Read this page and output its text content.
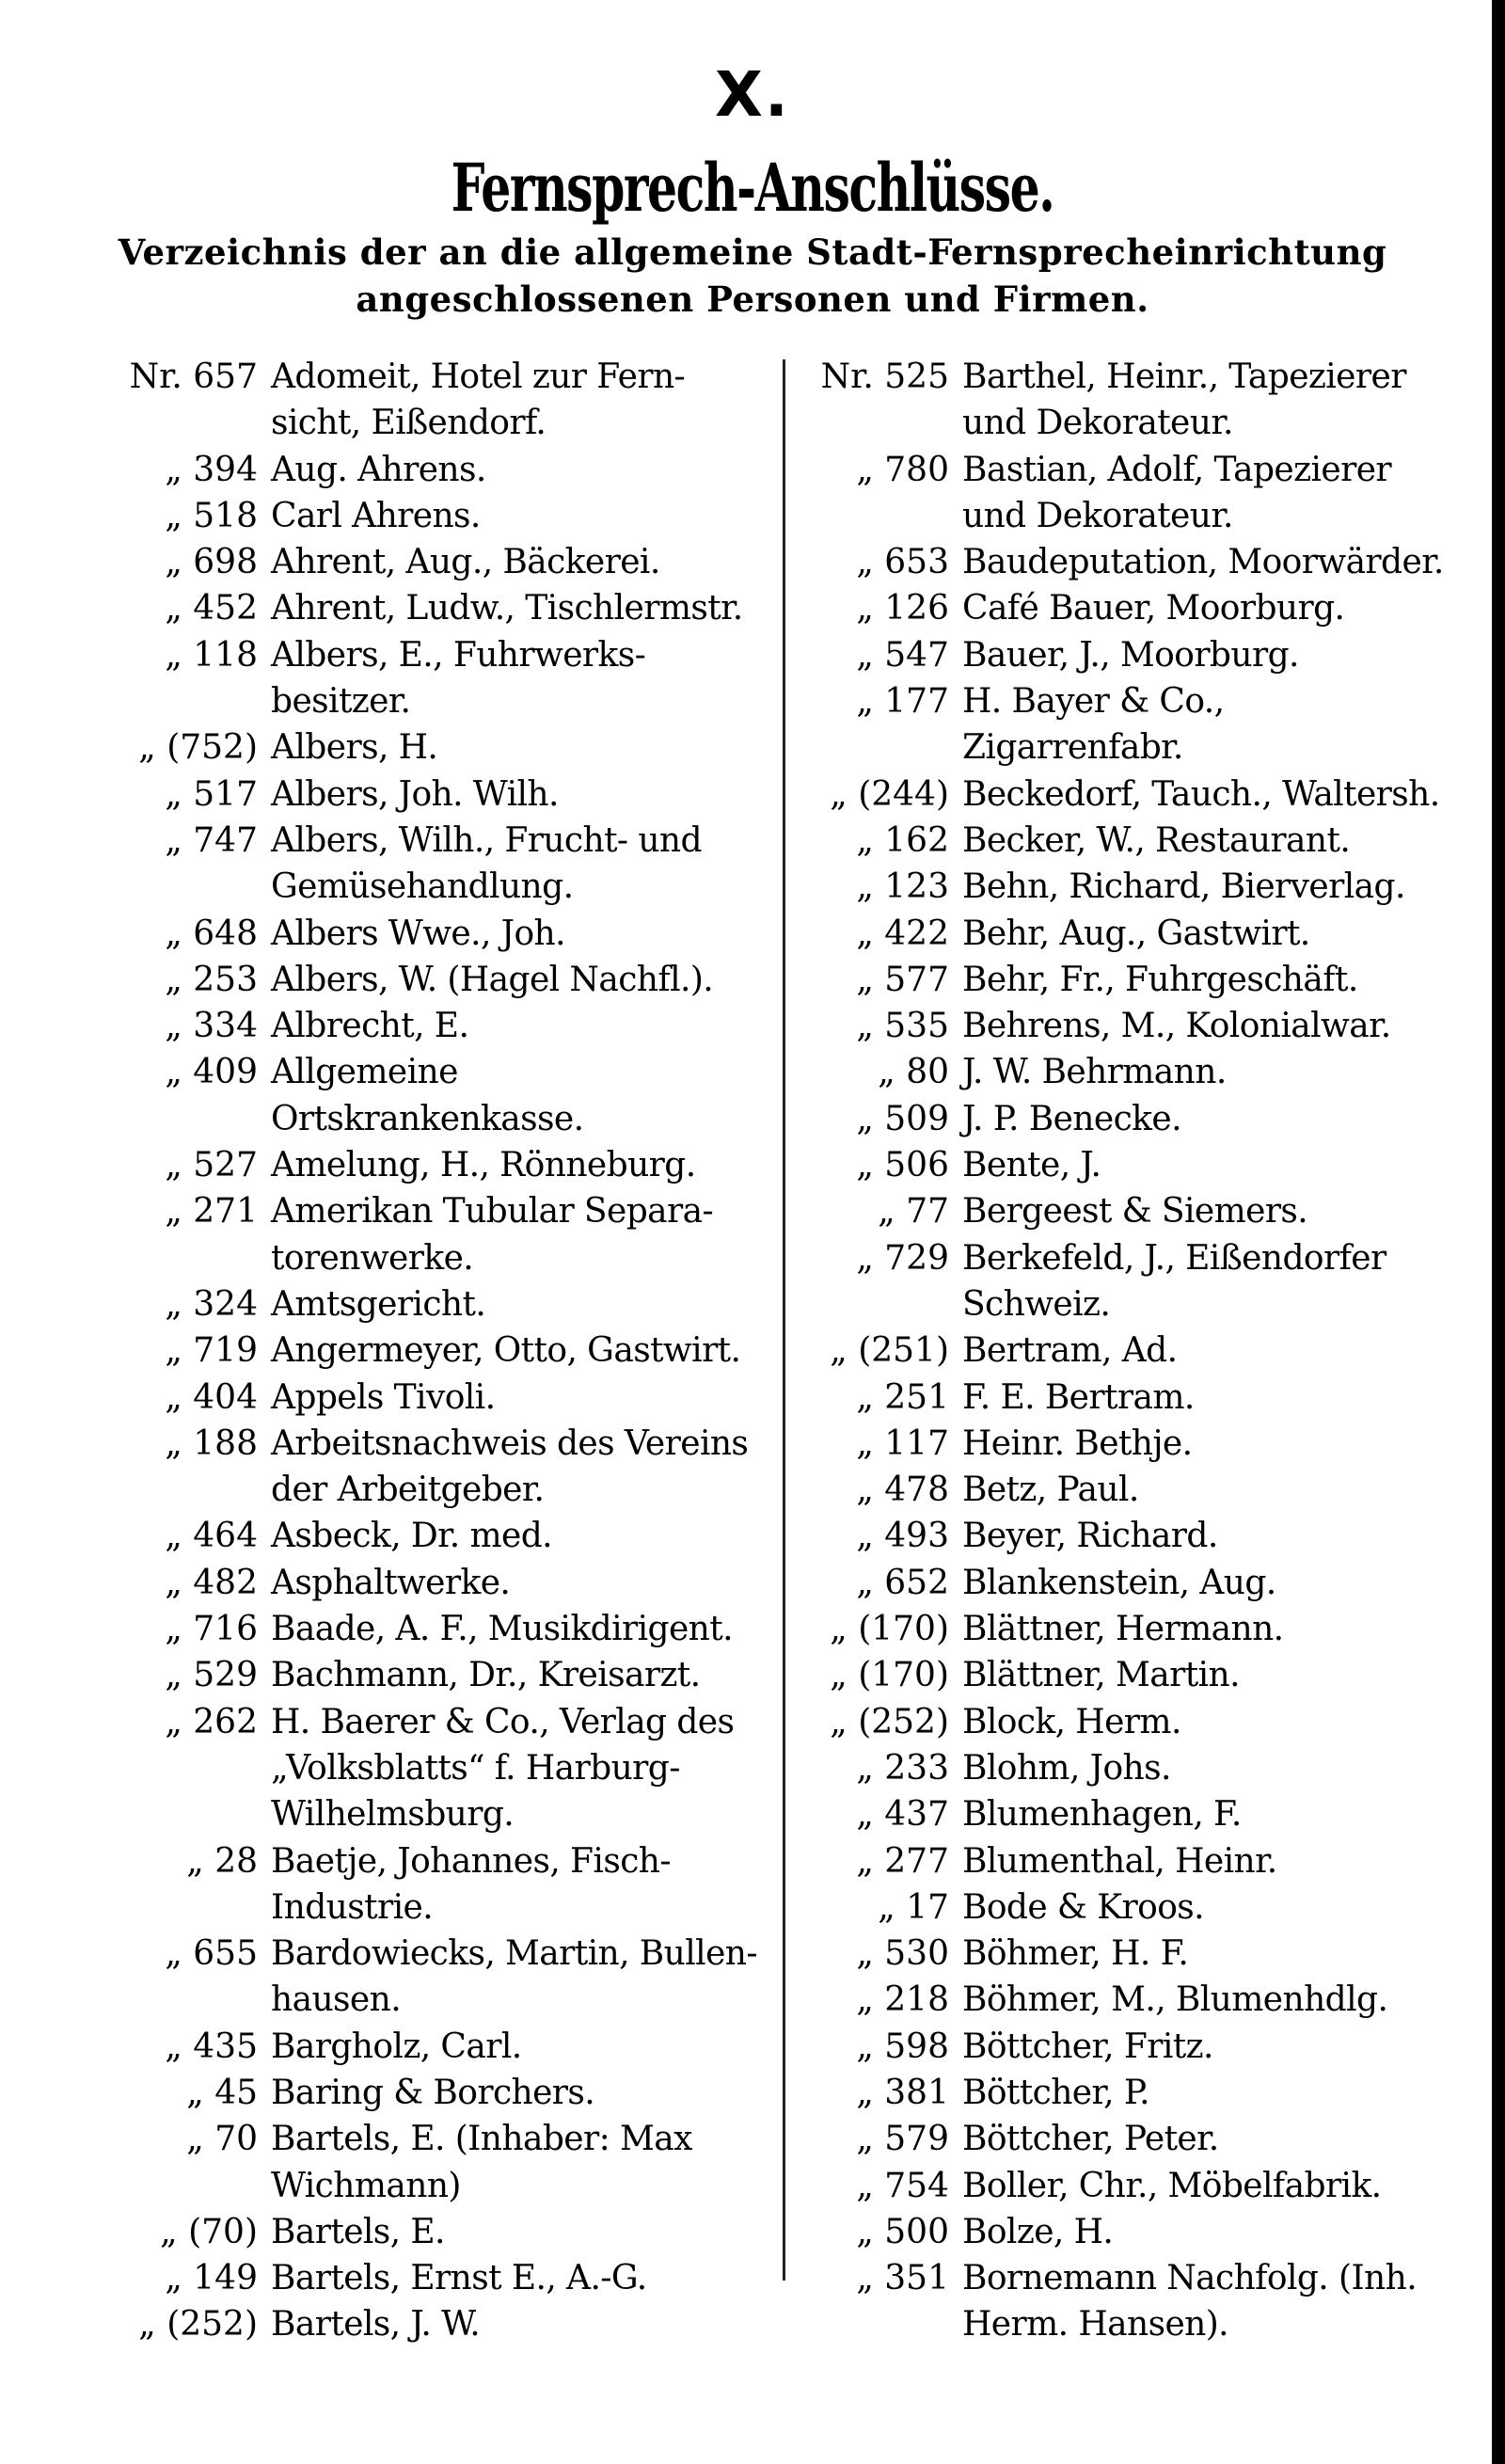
X.
Fernsprech-Anschlüsse.
Verzeichnis der an die allgemeine Stadt-Fernsprecheinrichtung
angeschlossenen Personen und Firmen.
Nr. 657 Adomeit, Hotel zur Fern-
sicht, Eißendorf.
„ 394 Aug. Ahrens.
„ 518 Carl Ahrens.
„ 698 Ahrent, Aug., Bäckerei.
„ 452 Ahrent, Ludw., Tischlermstr.
„ 118 Albers, E., Fuhrwerks-
besitzer.
„ (752) Albers, H.
„ 517 Albers, Joh. Wilh.
„ 747 Albers, Wilh., Frucht- und
Gemüsehandlung.
„ 648 Albers Wwe., Joh.
„ 253 Albers, W. (Hagel Nachfl.).
„ 334 Albrecht, E.
„ 409 Allgemeine Ortskrankenkasse.
„ 527 Amelung, H., Rönneburg.
„ 271 Amerikan Tubular Separa-
torenwerke.
„ 324 Amtsgericht.
„ 719 Angermeyer, Otto, Gastwirt.
„ 404 Appels Tivoli.
„ 188 Arbeitsnachweis des Vereins
der Arbeitgeber.
„ 464 Asbeck, Dr. med.
„ 482 Asphaltwerke.
„ 716 Baade, A. F., Musikdirigent.
„ 529 Bachmann, Dr., Kreisarzt.
„ 262 H. Baerer & Co., Verlag des
„Volksblatts“ f. Harburg-
Wilhelmsburg.
„ 28 Baetje, Johannes, Fisch-
Industrie.
„ 655 Bardowiecks, Martin, Bullen-
hausen.
„ 435 Bargholz, Carl.
„ 45 Baring & Borchers.
„ 70 Bartels, E. (Inhaber: Max
Wichmann)
„ (70) Bartels, E.
„ 149 Bartels, Ernst E., A.-G.
„ (252) Bartels, J. W.
Nr. 525 Barthel, Heinr., Tapezierer
und Dekorateur.
„ 780 Bastian, Adolf, Tapezierer
und Dekorateur.
„ 653 Baudeputation, Moorwärder.
„ 126 Café Bauer, Moorburg.
„ 547 Bauer, J., Moorburg.
„ 177 H. Bayer & Co., Zigarrenfabr.
„ (244) Beckedorf, Tauch., Waltersh.
„ 162 Becker, W., Restaurant.
„ 123 Behn, Richard, Bierverlag.
„ 422 Behr, Aug., Gastwirt.
„ 577 Behr, Fr., Fuhrgeschäft.
„ 535 Behrens, M., Kolonialwar.
„ 80 J. W. Behrmann.
„ 509 J. P. Benecke.
„ 506 Bente, J.
„ 77 Bergeest & Siemers.
„ 729 Berkefeld, J., Eißendorfer
Schweiz.
„ (251) Bertram, Ad.
„ 251 F. E. Bertram.
„ 117 Heinr. Bethje.
„ 478 Betz, Paul.
„ 493 Beyer, Richard.
„ 652 Blankenstein, Aug.
„ (170) Blättner, Hermann.
„ (170) Blättner, Martin.
„ (252) Block, Herm.
„ 233 Blohm, Johs.
„ 437 Blumenhagen, F.
„ 277 Blumenthal, Heinr.
„ 17 Bode & Kroos.
„ 530 Böhmer, H. F.
„ 218 Böhmer, M., Blumenhdlg.
„ 598 Böttcher, Fritz.
„ 381 Böttcher, P.
„ 579 Böttcher, Peter.
„ 754 Boller, Chr., Möbelfabrik.
„ 500 Bolze, H.
„ 351 Bornemann Nachfolg. (Inh.
Herm. Hansen).
